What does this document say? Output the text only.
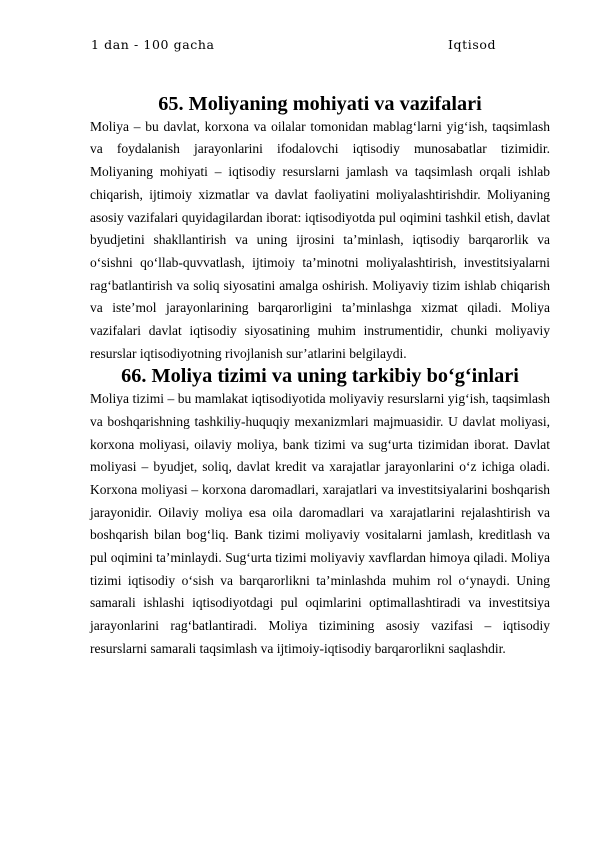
1 dan - 100 gacha	Iqtisod
65. Moliyaning mohiyati va vazifalari

Moliya – bu davlat, korxona va oilalar tomonidan mablag‘larni yig‘ish, taqsimlash va foydalanish jarayonlarini ifodalovchi iqtisodiy munosabatlar tizimidir. Moliyaning mohiyati – iqtisodiy resurslarni jamlash va taqsimlash orqali ishlab chiqarish, ijtimoiy xizmatlar va davlat faoliyatini moliyalashtirishdir. Moliyaning asosiy vazifalari quyidagilardan iborat: iqtisodiyotda pul oqimini tashkil etish, davlat byudjetini shakllantirish va uning ijrosini ta’minlash, iqtisodiy barqarorlik va o‘sishni qo‘llab-quvvatlash, ijtimoiy ta’minotni moliyalashtirish, investitsiyalarni rag‘batlantirish va soliq siyosatini amalga oshirish. Moliyaviy tizim ishlab chiqarish va iste’mol jarayonlarining barqarorligini ta’minlashga xizmat qiladi. Moliya vazifalari davlat iqtisodiy siyosatining muhim instrumentidir, chunki moliyaviy resurslar iqtisodiyotning rivojlanish sur’atlarini belgilaydi.

66. Moliya tizimi va uning tarkibiy bo‘g‘inlari

Moliya tizimi – bu mamlakat iqtisodiyotida moliyaviy resurslarni yig‘ish, taqsimlash va boshqarishning tashkiliy-huquqiy mexanizmlari majmuasidir. U davlat moliyasi, korxona moliyasi, oilaviy moliya, bank tizimi va sug‘urta tizimidan iborat. Davlat moliyasi – byudjet, soliq, davlat kredit va xarajatlar jarayonlarini o‘z ichiga oladi. Korxona moliyasi – korxona daromadlari, xarajatlari va investitsiyalarini boshqarish jarayonidir. Oilaviy moliya esa oila daromadlari va xarajatlarini rejalashtirish va boshqarish bilan bog‘liq. Bank tizimi moliyaviy vositalarni jamlash, kreditlash va pul oqimini ta’minlaydi. Sug‘urta tizimi moliyaviy xavflardan himoya qiladi. Moliya tizimi iqtisodiy o‘sish va barqarorlikni ta’minlashda muhim rol o‘ynaydi. Uning samarali ishlashi iqtisodiyotdagi pul oqimlarini optimallashtiradi va investitsiya jarayonlarini rag‘batlantiradi. Moliya tizimining asosiy vazifasi – iqtisodiy resurslarni samarali taqsimlash va ijtimoiy-iqtisodiy barqarorlikni saqlashdir.
